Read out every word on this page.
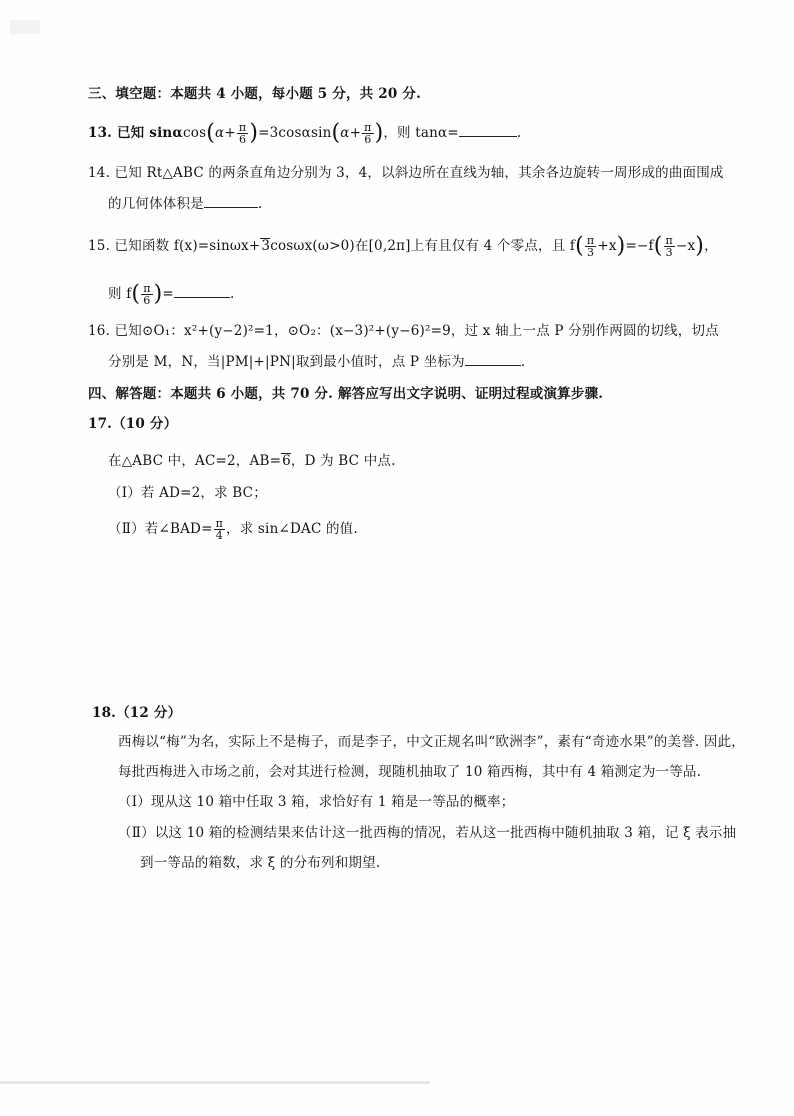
三、填空题：本题共 4 小题，每小题 5 分，共 20 分.
13. 已知 $\sin\alpha\cos(\alpha+ \frac{\pi}{6} )=3\cos\alpha\sin(\alpha+ \frac{\pi}{6}$ )，则 tanα=	.
14. 已知 Rt△ABC 的两条直角边分别为 3，4，以斜边所在直线为轴，其余各边旋转一周形成的曲面围成
的几何体体积是	.
15. 已知函数 f(x)=sinωx+3cosωx(ω>0)在[0,2π]上有且仅有 4 个零点，且 $f( \frac{\pi}{3} +x)=-f( \frac{\pi}{3} -x)$，
则 $f( \frac{\pi}{6}$ )=	.
16. 已知⊙O₁：x²+(y−2)²=1，⊙O₂：(x−3)²+(y−6)²=9，过 x 轴上一点 P 分别作两圆的切线，切点
分别是 M，N，当|PM|+|PN|取到最小值时，点 P 坐标为	.
四、解答题：本题共 6 小题，共 70 分. 解答应写出文字说明、证明过程或演算步骤.
17.（10 分）
在△ABC 中，AC=2，AB=6，D 为 BC 中点.
（Ⅰ）若 AD=2，求 BC；
（Ⅱ）若∠BAD= $\frac{\pi}{4}$ ，求 sin∠DAC 的值.
18.（12 分）
西梅以“梅”为名，实际上不是梅子，而是李子，中文正规名叫“欧洲李”，素有“奇迹水果”的美誉. 因此，
每批西梅进入市场之前，会对其进行检测，现随机抽取了 10 箱西梅，其中有 4 箱测定为一等品.
（Ⅰ）现从这 10 箱中任取 3 箱，求恰好有 1 箱是一等品的概率；
（Ⅱ）以这 10 箱的检测结果来估计这一批西梅的情况，若从这一批西梅中随机抽取 3 箱，记 ξ 表示抽
到一等品的箱数，求 ξ 的分布列和期望.
